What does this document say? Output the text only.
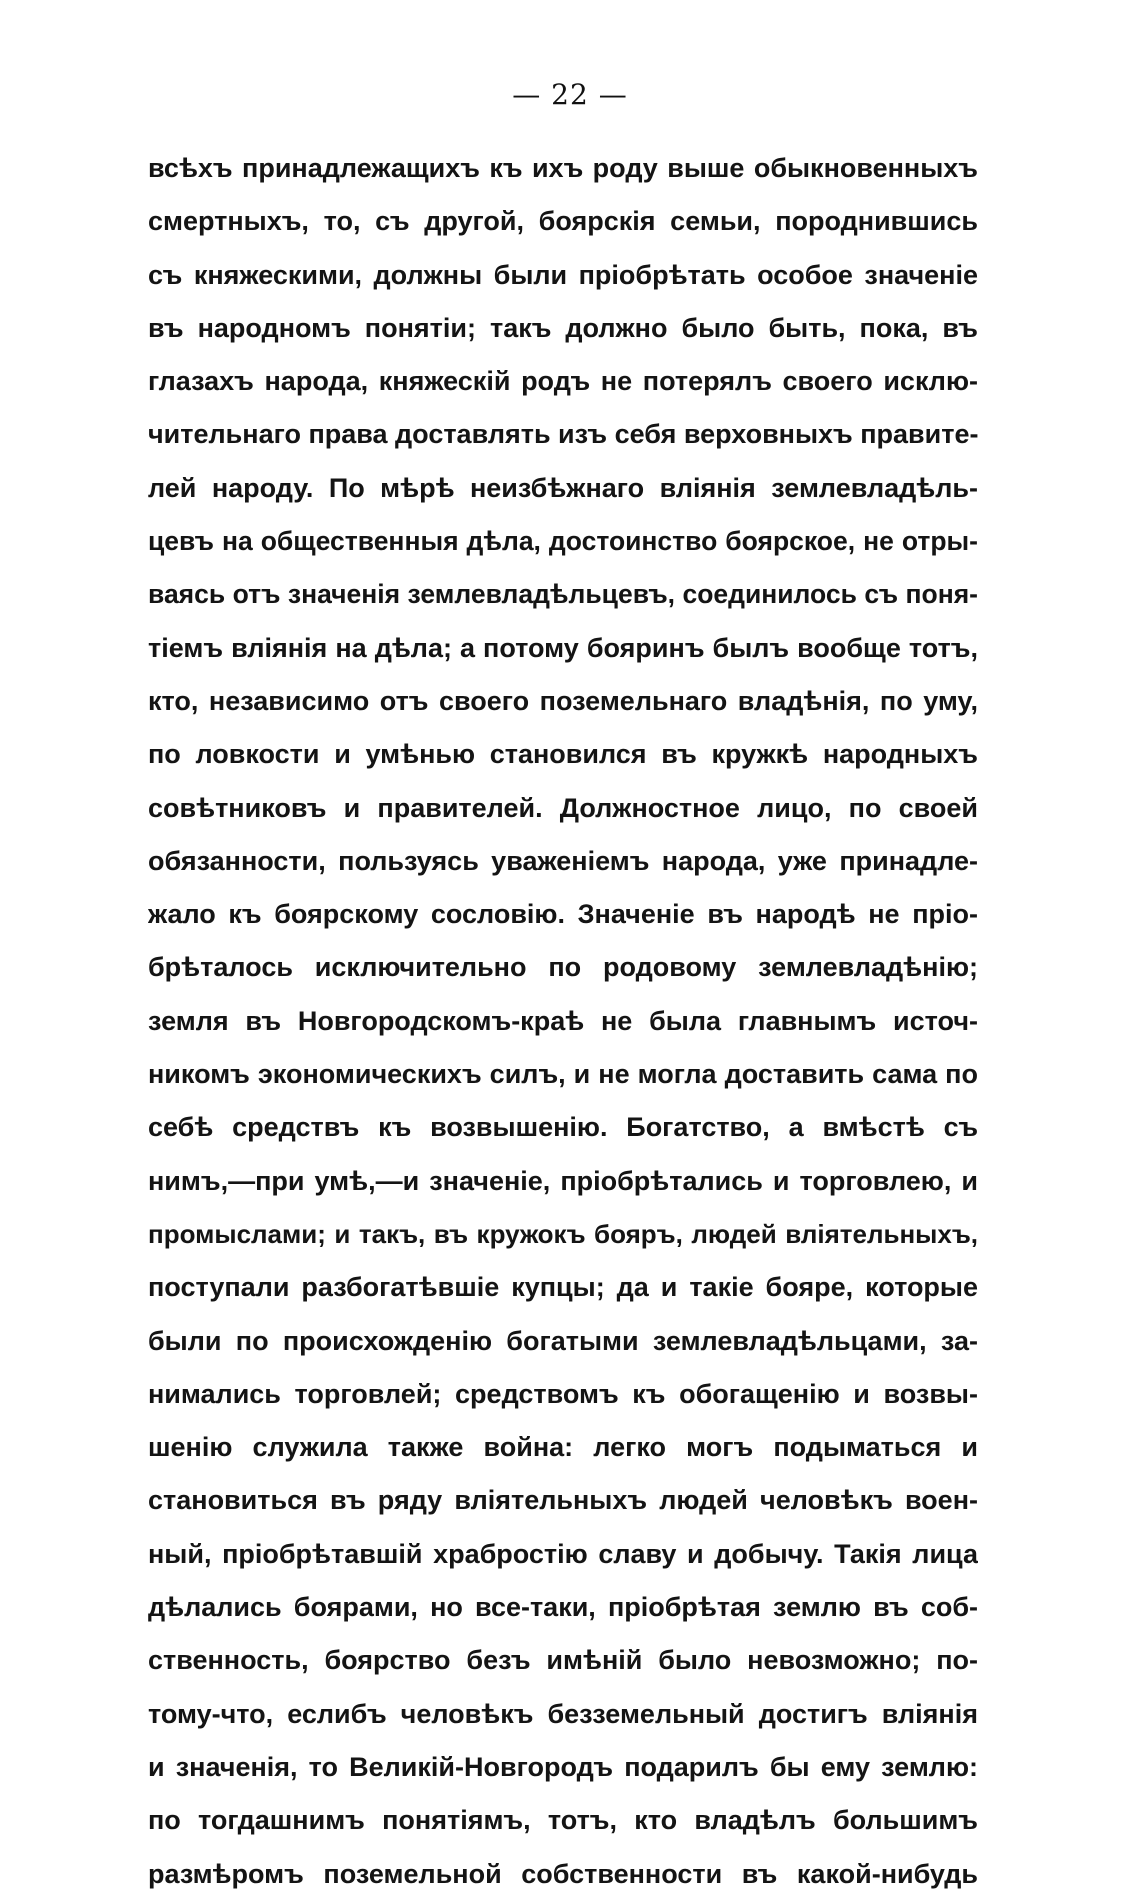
— 22 —
всѣхъ принадлежащихъ къ ихъ роду выше обыкновенныхъ
смертныхъ, то, съ другой, боярскія семьи, породнившись
съ княжескими, должны были пріобрѣтать особое значеніе
въ народномъ понятіи; такъ должно было быть, пока, въ
глазахъ народа, княжескій родъ не потерялъ своего исклю-
чительнаго права доставлять изъ себя верховныхъ правите-
лей народу. По мѣрѣ неизбѣжнаго вліянія землевладѣль-
цевъ на общественныя дѣла, достоинство боярское, не отры-
ваясь отъ значенія землевладѣльцевъ, соединилось съ поня-
тіемъ вліянія на дѣла; а потому бояринъ былъ вообще тотъ,
кто, независимо отъ своего поземельнаго владѣнія, по уму,
по ловкости и умѣнью становился въ кружкѣ народныхъ
совѣтниковъ и правителей. Должностное лицо, по своей
обязанности, пользуясь уваженіемъ народа, уже принадле-
жало къ боярскому сословію. Значеніе въ народѣ не прio-
брѣталось исключительно по родовому землевладѣнію;
земля въ Новгородскомъ-краѣ не была главнымъ источ-
никомъ экономическихъ силъ, и не могла доставить сама по
себѣ средствъ къ возвышенію. Богатство, а вмѣстѣ съ
нимъ,—при умѣ,—и значеніе, пріобрѣтались и торговлею, и
промыслами; и такъ, въ кружокъ бояръ, людей вліятельныхъ,
поступали разбогатѣвшіе купцы; да и такіе бояре, которые
были по происхожденію богатыми землевладѣльцами, за-
нимались торговлей; средствомъ къ обогащенію и возвы-
шенію служила также война: легко могъ подыматься и
становиться въ ряду вліятельныхъ людей человѣкъ воен-
ный, пріобрѣтавшій храбростію славу и добычу. Такія лица
дѣлались боярами, но все-таки, пріобрѣтая землю въ соб-
ственность, боярство безъ имѣній было невозможно; по-
тому-что, еслибъ человѣкъ безземельный достигъ вліянія
и значенія, то Великій-Новгородъ подарилъ бы ему землю:
по тогдашнимъ понятіямъ, тотъ, кто владѣлъ большимъ
размѣромъ поземельной собственности въ какой-нибудь
